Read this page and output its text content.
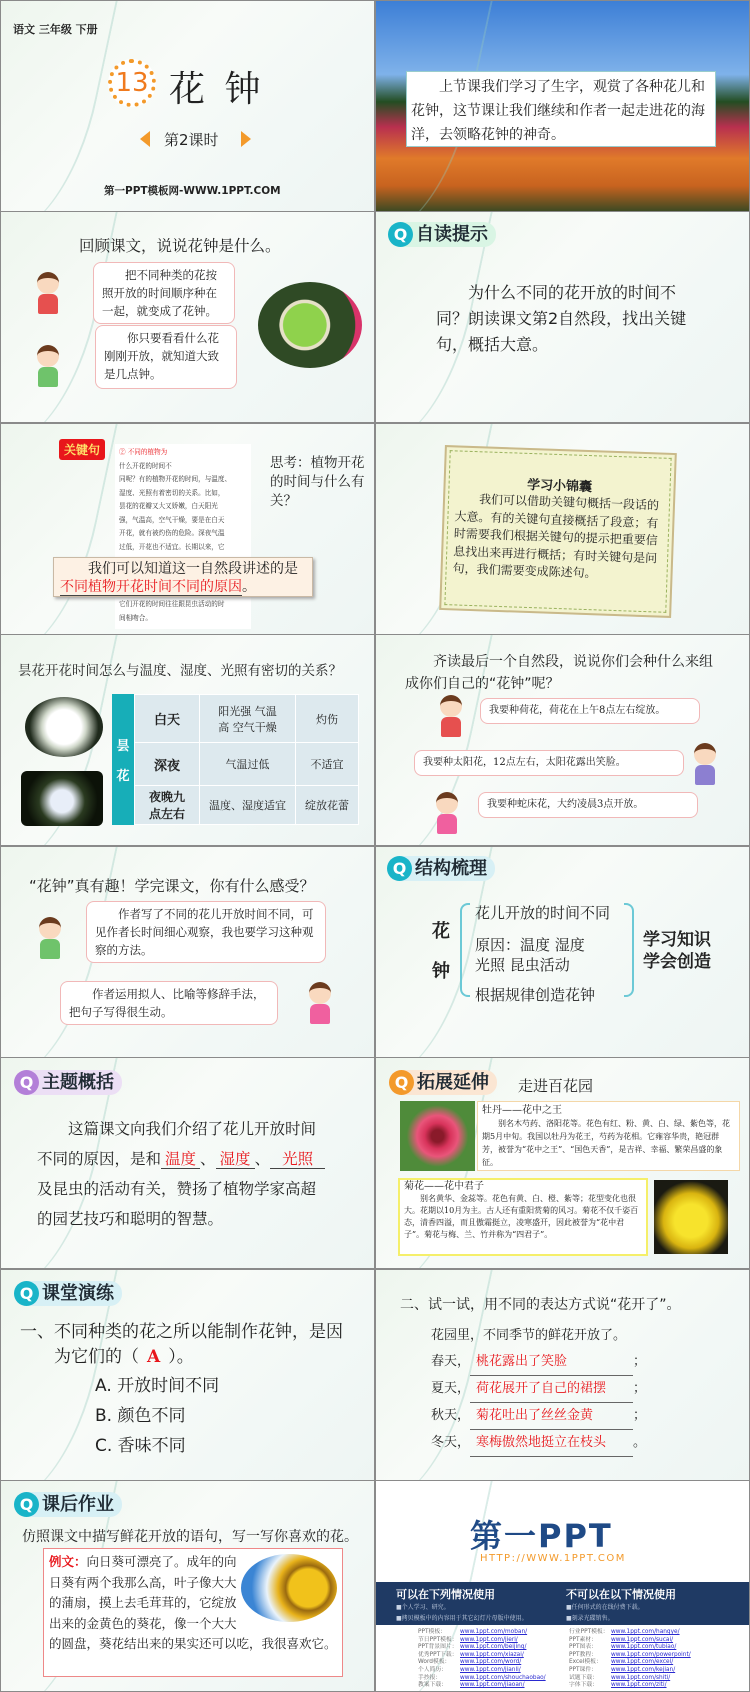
语文 三年级 下册
13 花 钟
第2课时
第一PPT模板网-WWW.1PPT.COM
上节课我们学习了生字，观赏了各种花儿和花钟，这节课让我们继续和作者一起走进花的海洋，去领略花钟的神奇。
回顾课文，说说花钟是什么。
把不同种类的花按照开放的时间顺序种在一起，就变成了花钟。
你只要看看什么花刚刚开放，就知道大致是几点钟。
Q 自读提示
为什么不同的花开放的时间不同？朗读课文第2自然段，找出关键句，概括大意。
关键句	② 不同的植物为
什么开花的时间不
同呢？有的植物开花的时间，与温度、
湿度、光照有着密切的关系。比如，
昙花的花瓣又大又娇嫩，白天阳光
强，气温高，空气干燥，要是在白天
开花，就有被灼伤的危险。深夜气温
过低，开花也不适宜。长期以来，它
它们开花的时间往往跟昆虫活动的时
间相吻合。
思考：植物开花的时间与什么有关？
我们可以知道这一自然段讲述的是
不同植物开花时间不同的原因。
学习小锦囊
我们可以借助关键句概括一段话的大意。有的关键句直接概括了段意；有时需要我们根据关键句的提示把重要信息找出来再进行概括；有时关键句是问句，我们需要变成陈述句。
昙花开花时间怎么与温度、湿度、光照有密切的关系？
昙花
白天	阳光强 气温高 空气干燥	灼伤
深夜	气温过低	不适宜
夜晚九点左右	温度、湿度适宜	绽放花蕾
齐读最后一个自然段，说说你们会种什么来组成你们自己的“花钟”呢？
我要种荷花，荷花在上午8点左右绽放。
我要种太阳花，12点左右，太阳花露出笑脸。
我要种蛇床花，大约凌晨3点开放。
“花钟”真有趣！学完课文，你有什么感受？
作者写了不同的花儿开放时间不同，可见作者长时间细心观察，我也要学习这种观察的方法。
作者运用拟人、比喻等修辞手法，把句子写得很生动。
Q 结构梳理
花
钟
花儿开放的时间不同
原因：温度 湿度
光照 昆虫活动
根据规律创造花钟
学习知识
学会创造
Q 主题概括
这篇课文向我们介绍了花儿开放时间
不同的原因，是和 温度 、 湿度 、 光照
及昆虫的活动有关，赞扬了植物学家高超
的园艺技巧和聪明的智慧。
Q 拓展延伸	走进百花园
牡丹——花中之王
别名木芍药、洛阳花等。花色有红、粉、黄、白、绿、紫色等，花期5月中旬。我国以牡丹为花王，芍药为花相。它雍容华贵，艳冠群芳，被誉为“花中之王”、“国色天香”，是吉祥、幸福、繁荣昌盛的象征。
菊花——花中君子
别名黄华、金蕊等。花色有黄、白、橙、紫等；花型变化也很大。花期以10月为主。古人还有重阳赏菊的风习。菊花不仅千姿百态，清香四溢，而且傲霜挺立，凌寒盛开，因此被誉为“花中君子”。菊花与梅、兰、竹并称为“四君子”。
Q 课堂演练
一、不同种类的花之所以能制作花钟，是因
为它们的（ A ）。
A. 开放时间不同
B. 颜色不同
C. 香味不同
二、试一试，用不同的表达方式说“花开了”。
花园里，不同季节的鲜花开放了。
春天， 桃花露出了笑脸	；
夏天， 荷花展开了自己的裙摆 ；
秋天， 菊花吐出了丝丝金黄	；
冬天， 寒梅傲然地挺立在枝头 。
Q 课后作业
仿照课文中描写鲜花开放的语句，写一写你喜欢的花。
例文：向日葵可漂亮了。成年的向日葵有两个我那么高，叶子像大大的蒲扇，摸上去毛茸茸的，它绽放出来的金黄色的葵花，像一个大大的圆盘，葵花结出来的果实还可以吃，我很喜欢它。
第一PPT
HTTP://WWW.1PPT.COM
可以在下列情况使用
■个人学习、研究。
■拷贝模板中的内容用于其它幻灯片母版中使用。
不可以在以下情况使用
■任何形式的在线付费下载。
■刻录光碟销售。
PPT模板： www.1ppt.com/moban/
节日PPT模板： www.1ppt.com/jieri/
PPT背景图片： www.1ppt.com/beijing/
优秀PPT下载： www.1ppt.com/xiazai/
Word模板： www.1ppt.com/word/
个人简历： www.1ppt.com/jianli/
手抄报：	www.1ppt.com/shouchaobao/
教案下载： www.1ppt.com/jiaoan/
行业PPT模板： www.1ppt.com/hangye/
PPT素材： www.1ppt.com/sucai/
PPT图表： www.1ppt.com/tubiao/
PPT教程： www.1ppt.com/powerpoint/
Excel模板： www.1ppt.com/excel/
PPT课件： www.1ppt.com/kejian/
试题下载： www.1ppt.com/shiti/
字体下载： www.1ppt.com/ziti/
